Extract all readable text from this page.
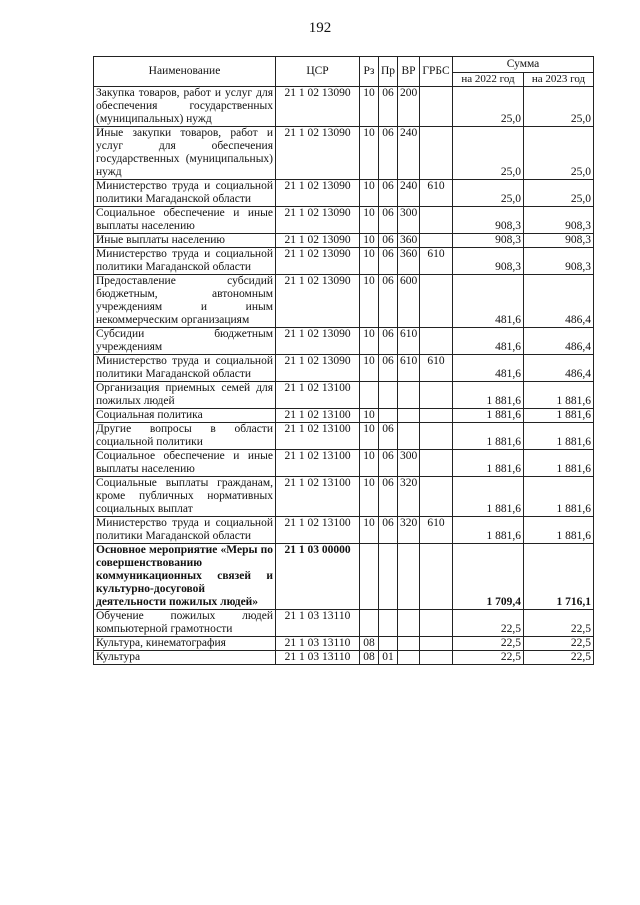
192
Наименование	ЦСР	Рз	Пр	ВР	ГРБС	Сумма	
						на 2022 год	на 2023 год
Закупка товаров, работ и услуг для обеспечения государственных (муниципальных) нужд	21 1 02 13090	10	06	200		25,0	25,0
Иные закупки товаров, работ и услуг для обеспечения государственных (муниципальных) нужд	21 1 02 13090	10	06	240		25,0	25,0
Министерство труда и социальной политики Магаданской области	21 1 02 13090	10	06	240	610	25,0	25,0
Социальное обеспечение и иные выплаты населению	21 1 02 13090	10	06	300		908,3	908,3
Иные выплаты населению	21 1 02 13090	10	06	360		908,3	908,3
Министерство труда и социальной политики Магаданской области	21 1 02 13090	10	06	360	610	908,3	908,3
Предоставление субсидий бюджетным, автономным учреждениям и иным некоммерческим организациям	21 1 02 13090	10	06	600		481,6	486,4
Субсидии бюджетным учреждениям	21 1 02 13090	10	06	610		481,6	486,4
Министерство труда и социальной политики Магаданской области	21 1 02 13090	10	06	610	610	481,6	486,4
Организация приемных семей для пожилых людей	21 1 02 13100					1 881,6	1 881,6
Социальная политика	21 1 02 13100	10				1 881,6	1 881,6
Другие вопросы в области социальной политики	21 1 02 13100	10	06			1 881,6	1 881,6
Социальное обеспечение и иные выплаты населению	21 1 02 13100	10	06	300		1 881,6	1 881,6
Социальные выплаты гражданам, кроме публичных нормативных социальных выплат	21 1 02 13100	10	06	320		1 881,6	1 881,6
Министерство труда и социальной политики Магаданской области	21 1 02 13100	10	06	320	610	1 881,6	1 881,6
Основное мероприятие «Меры по совершенствованию коммуникационных связей и культурно-досуговой деятельности пожилых людей»	21 1 03 00000					1 709,4	1 716,1
Обучение пожилых людей компьютерной грамотности	21 1 03 13110					22,5	22,5
Культура, кинематография	21 1 03 13110	08				22,5	22,5
Культура	21 1 03 13110	08	01			22,5	22,5
